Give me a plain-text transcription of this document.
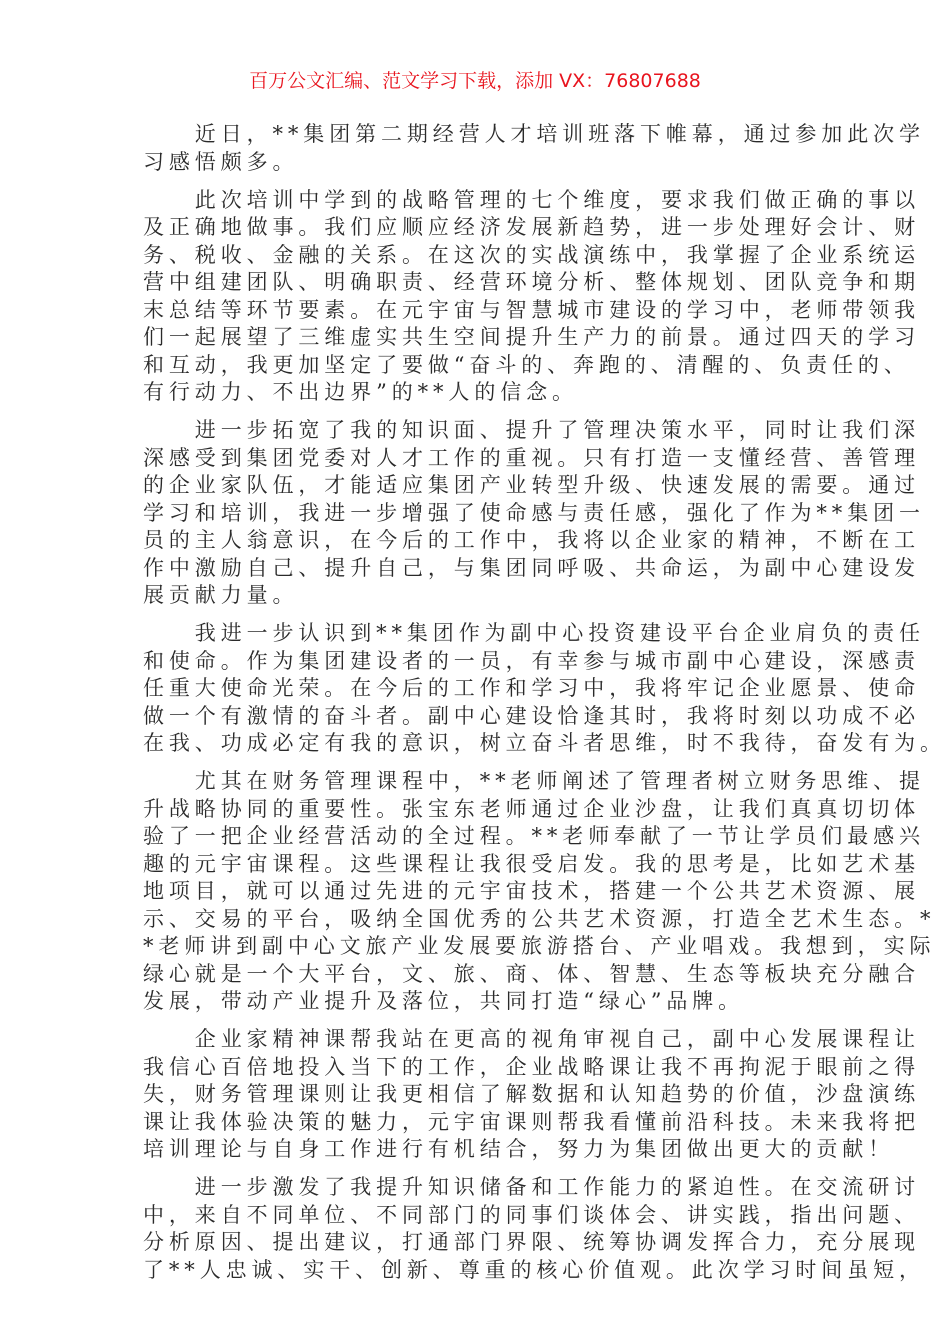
百万公文汇编、范文学习下载，添加 VX：76807688
　　近日，**集团第二期经营人才培训班落下帷幕，通过参加此次学
习感悟颇多。
　　此次培训中学到的战略管理的七个维度，要求我们做正确的事以
及正确地做事。我们应顺应经济发展新趋势，进一步处理好会计、财
务、税收、金融的关系。在这次的实战演练中，我掌握了企业系统运
营中组建团队、明确职责、经营环境分析、整体规划、团队竞争和期
末总结等环节要素。在元宇宙与智慧城市建设的学习中，老师带领我
们一起展望了三维虚实共生空间提升生产力的前景。通过四天的学习
和互动，我更加坚定了要做“奋斗的、奔跑的、清醒的、负责任的、
有行动力、不出边界”的**人的信念。
　　进一步拓宽了我的知识面、提升了管理决策水平，同时让我们深
深感受到集团党委对人才工作的重视。只有打造一支懂经营、善管理
的企业家队伍，才能适应集团产业转型升级、快速发展的需要。通过
学习和培训，我进一步增强了使命感与责任感，强化了作为**集团一
员的主人翁意识，在今后的工作中，我将以企业家的精神，不断在工
作中激励自己、提升自己，与集团同呼吸、共命运，为副中心建设发
展贡献力量。
　　我进一步认识到**集团作为副中心投资建设平台企业肩负的责任
和使命。作为集团建设者的一员，有幸参与城市副中心建设，深感责
任重大使命光荣。在今后的工作和学习中，我将牢记企业愿景、使命
做一个有激情的奋斗者。副中心建设恰逢其时，我将时刻以功成不必
在我、功成必定有我的意识，树立奋斗者思维，时不我待，奋发有为。
　　尤其在财务管理课程中，**老师阐述了管理者树立财务思维、提
升战略协同的重要性。张宝东老师通过企业沙盘，让我们真真切切体
验了一把企业经营活动的全过程。**老师奉献了一节让学员们最感兴
趣的元宇宙课程。这些课程让我很受启发。我的思考是，比如艺术基
地项目，就可以通过先进的元宇宙技术，搭建一个公共艺术资源、展
示、交易的平台，吸纳全国优秀的公共艺术资源，打造全艺术生态。*
*老师讲到副中心文旅产业发展要旅游搭台、产业唱戏。我想到，实际
绿心就是一个大平台，文、旅、商、体、智慧、生态等板块充分融合
发展，带动产业提升及落位，共同打造“绿心”品牌。
　　企业家精神课帮我站在更高的视角审视自己，副中心发展课程让
我信心百倍地投入当下的工作，企业战略课让我不再拘泥于眼前之得
失，财务管理课则让我更相信了解数据和认知趋势的价值，沙盘演练
课让我体验决策的魅力，元宇宙课则帮我看懂前沿科技。未来我将把
培训理论与自身工作进行有机结合，努力为集团做出更大的贡献！
　　进一步激发了我提升知识储备和工作能力的紧迫性。在交流研讨
中，来自不同单位、不同部门的同事们谈体会、讲实践，指出问题、
分析原因、提出建议，打通部门界限、统筹协调发挥合力，充分展现
了**人忠诚、实干、创新、尊重的核心价值观。此次学习时间虽短，
